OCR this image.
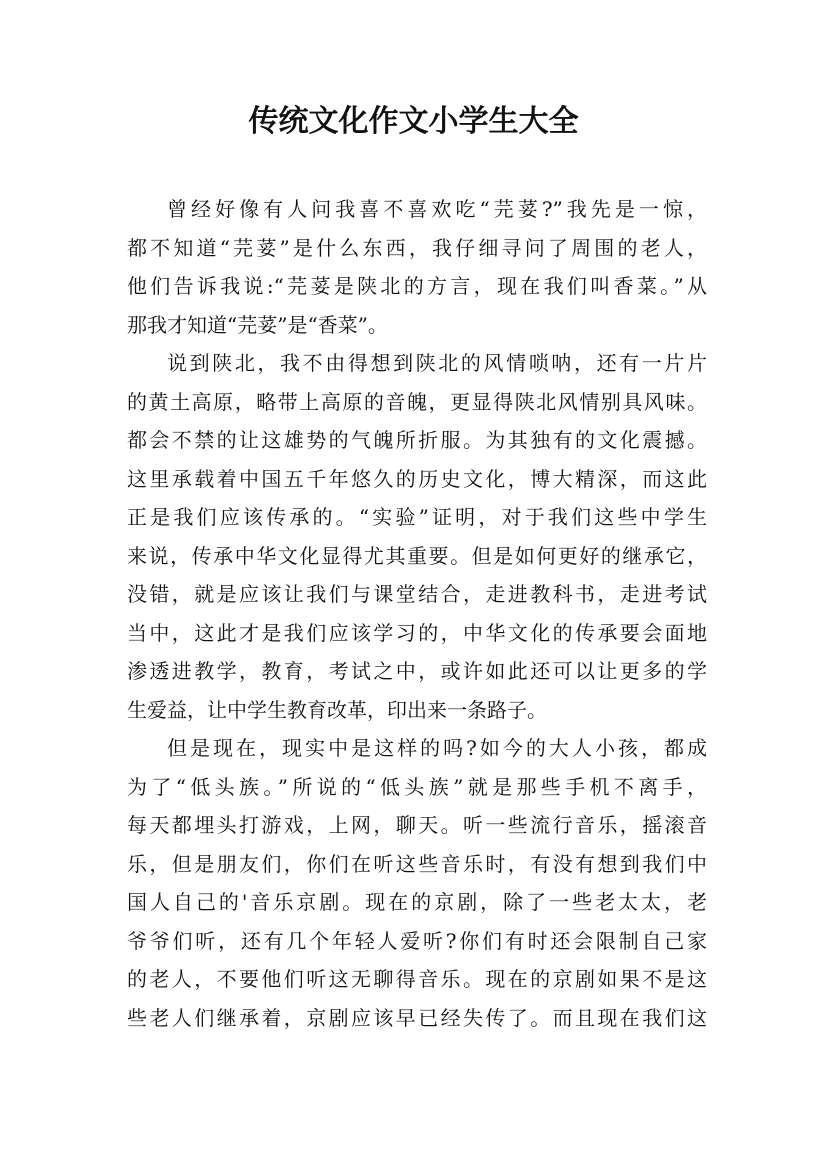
传统文化作文小学生大全
曾经好像有人问我喜不喜欢吃“芫荽?”我先是一惊，
都不知道“芫荽”是什么东西，我仔细寻问了周围的老人，
他们告诉我说:“芫荽是陕北的方言，现在我们叫香菜。”从
那我才知道“芫荽”是“香菜”。
说到陕北，我不由得想到陕北的风情唢呐，还有一片片
的黄土高原，略带上高原的音魄，更显得陕北风情别具风味。
都会不禁的让这雄势的气魄所折服。为其独有的文化震撼。
这里承载着中国五千年悠久的历史文化，博大精深，而这此
正是我们应该传承的。“实验”证明，对于我们这些中学生
来说，传承中华文化显得尤其重要。但是如何更好的继承它，
没错，就是应该让我们与课堂结合，走进教科书，走进考试
当中，这此才是我们应该学习的，中华文化的传承要会面地
渗透进教学，教育，考试之中，或许如此还可以让更多的学
生爱益，让中学生教育改革，印出来一条路子。
但是现在，现实中是这样的吗?如今的大人小孩，都成
为了“低头族。”所说的“低头族”就是那些手机不离手，
每天都埋头打游戏，上网，聊天。听一些流行音乐，摇滚音
乐，但是朋友们，你们在听这些音乐时，有没有想到我们中
国人自己的'音乐京剧。现在的京剧，除了一些老太太，老
爷爷们听，还有几个年轻人爱听?你们有时还会限制自己家
的老人，不要他们听这无聊得音乐。现在的京剧如果不是这
些老人们继承着，京剧应该早已经失传了。而且现在我们这
